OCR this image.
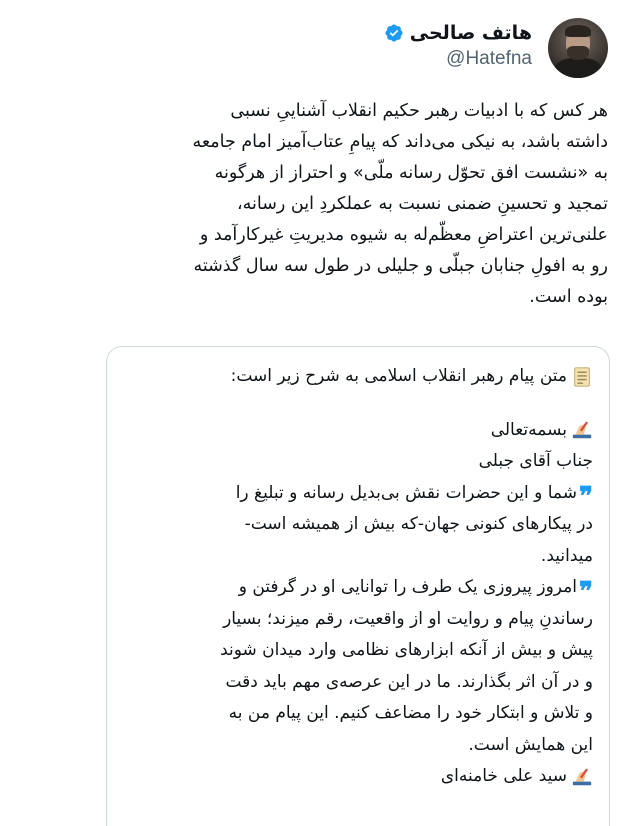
هاتف صالحی
@Hatefna
هر کس که با ادبیات رهبر حکیم انقلاب آشناییِ نسبی
داشته باشد، به نیکی می‌داند که پیامِ عتاب‌آمیز امام جامعه
به «نشست افق تحوّل رسانه ملّی» و احتراز از هرگونه
تمجید و تحسینِ ضمنی نسبت به عملکردِ این رسانه،
علنی‌ترین اعتراضِ معظّم‌له به شیوه مدیریتِ غیرکارآمد و
رو به افولِ جنابان جبلّی و جلیلی در طول سه سال گذشته
بوده است.
متن پیام رهبر انقلاب اسلامی به شرح زیر است:
بسمه‌تعالی
جناب آقای جبلی
❞
شما و این حضرات نقش بی‌بدیل رسانه و تبلیغ را
در پیکارهای کنونی جهان-که بیش از همیشه است-
میدانید.
❞
امروز پیروزی یک طرف را توانایی او در گرفتن و
رساندنِ پیام و روایت او از واقعیت، رقم میزند؛ بسیار
پیش و بیش از آنکه ابزارهای نظامی وارد میدان شوند
و در آن اثر بگذارند. ما در این عرصه‌ی مهم باید دقت
و تلاش و ابتکار خود را مضاعف کنیم. این پیام من به
این همایش است.
سید علی خامنه‌ای
